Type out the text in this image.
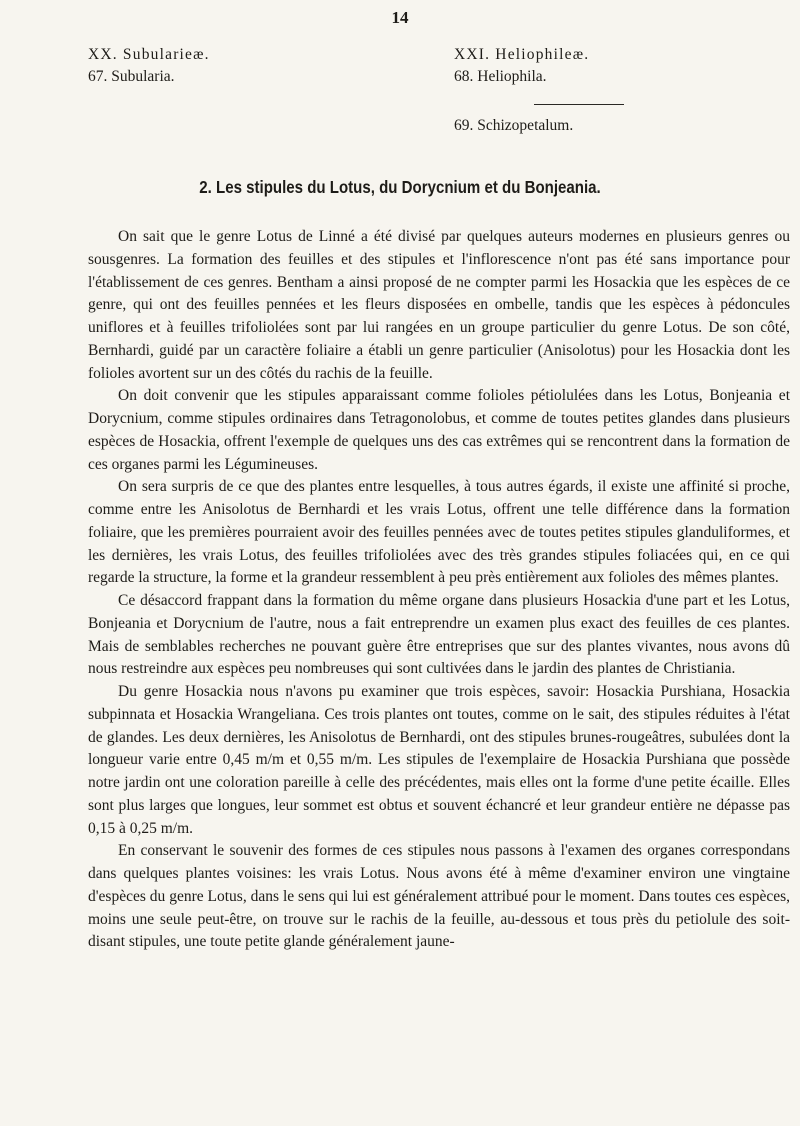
14
XX. Subularieæ.
67. Subularia.
XXI. Heliophileæ.
68. Heliophila.
69. Schizopetalum.
2. Les stipules du Lotus, du Dorycnium et du Bonjeania.

On sait que le genre Lotus de Linné a été divisé par quelques auteurs modernes en plusieurs genres ou sousgenres. La formation des feuilles et des stipules et l'inflorescence n'ont pas été sans importance pour l'établissement de ces genres. Bentham a ainsi proposé de ne compter parmi les Hosackia que les espèces de ce genre, qui ont des feuilles pennées et les fleurs disposées en ombelle, tandis que les espèces à pédoncules uniflores et à feuilles trifoliolées sont par lui rangées en un groupe particulier du genre Lotus. De son côté, Bernhardi, guidé par un caractère foliaire a établi un genre particulier (Anisolotus) pour les Hosackia dont les folioles avortent sur un des côtés du rachis de la feuille.

On doit convenir que les stipules apparaissant comme folioles pétiolulées dans les Lotus, Bonjeania et Dorycnium, comme stipules ordinaires dans Tetragonolobus, et comme de toutes petites glandes dans plusieurs espèces de Hosackia, offrent l'exemple de quelques uns des cas extrêmes qui se rencontrent dans la formation de ces organes parmi les Légumineuses.

On sera surpris de ce que des plantes entre lesquelles, à tous autres égards, il existe une affinité si proche, comme entre les Anisolotus de Bernhardi et les vrais Lotus, offrent une telle différence dans la formation foliaire, que les premières pourraient avoir des feuilles pennées avec de toutes petites stipules glanduliformes, et les dernières, les vrais Lotus, des feuilles trifoliolées avec des très grandes stipules foliacées qui, en ce qui regarde la structure, la forme et la grandeur ressemblent à peu près entièrement aux folioles des mêmes plantes.

Ce désaccord frappant dans la formation du même organe dans plusieurs Hosackia d'une part et les Lotus, Bonjeania et Dorycnium de l'autre, nous a fait entreprendre un examen plus exact des feuilles de ces plantes. Mais de semblables recherches ne pouvant guère être entreprises que sur des plantes vivantes, nous avons dû nous restreindre aux espèces peu nombreuses qui sont cultivées dans le jardin des plantes de Christiania.

Du genre Hosackia nous n'avons pu examiner que trois espèces, savoir: Hosackia Purshiana, Hosackia subpinnata et Hosackia Wrangeliana. Ces trois plantes ont toutes, comme on le sait, des stipules réduites à l'état de glandes. Les deux dernières, les Anisolotus de Bernhardi, ont des stipules brunes-rougeâtres, subulées dont la longueur varie entre 0,45 m/m et 0,55 m/m. Les stipules de l'exemplaire de Hosackia Purshiana que possède notre jardin ont une coloration pareille à celle des précédentes, mais elles ont la forme d'une petite écaille. Elles sont plus larges que longues, leur sommet est obtus et souvent échancré et leur grandeur entière ne dépasse pas 0,15 à 0,25 m/m.

En conservant le souvenir des formes de ces stipules nous passons à l'examen des organes correspondans dans quelques plantes voisines: les vrais Lotus. Nous avons été à même d'examiner environ une vingtaine d'espèces du genre Lotus, dans le sens qui lui est généralement attribué pour le moment. Dans toutes ces espèces, moins une seule peut-être, on trouve sur le rachis de la feuille, au-dessous et tous près du petiolule des soit-disant stipules, une toute petite glande généralement jaune-
